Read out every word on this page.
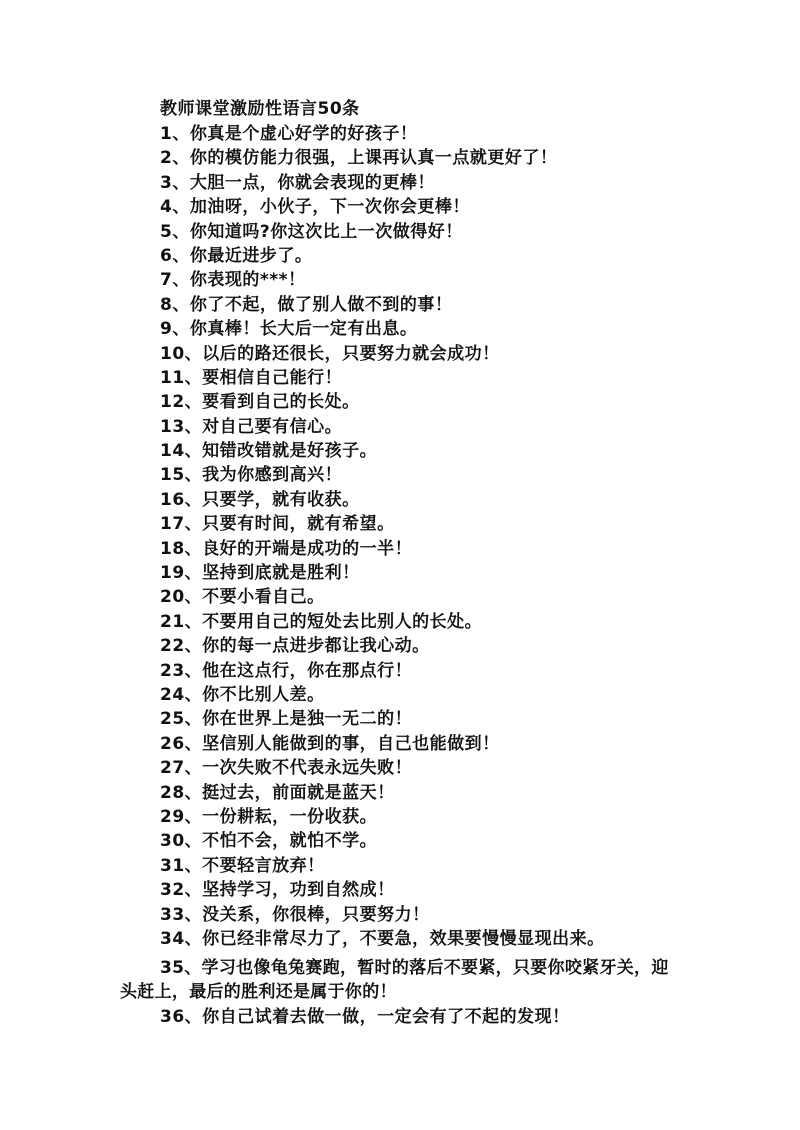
教师课堂激励性语言50条
1、你真是个虚心好学的好孩子！
2、你的模仿能力很强，上课再认真一点就更好了！
3、大胆一点，你就会表现的更棒！
4、加油呀，小伙子，下一次你会更棒！
5、你知道吗?你这次比上一次做得好！
6、你最近进步了。
7、你表现的***！
8、你了不起，做了别人做不到的事！
9、你真棒！长大后一定有出息。
10、以后的路还很长，只要努力就会成功！
11、要相信自己能行！
12、要看到自己的长处。
13、对自己要有信心。
14、知错改错就是好孩子。
15、我为你感到高兴！
16、只要学，就有收获。
17、只要有时间，就有希望。
18、良好的开端是成功的一半！
19、坚持到底就是胜利！
20、不要小看自己。
21、不要用自己的短处去比别人的长处。
22、你的每一点进步都让我心动。
23、他在这点行，你在那点行！
24、你不比别人差。
25、你在世界上是独一无二的！
26、坚信别人能做到的事，自己也能做到！
27、一次失败不代表永远失败！
28、挺过去，前面就是蓝天！
29、一份耕耘，一份收获。
30、不怕不会，就怕不学。
31、不要轻言放弃！
32、坚持学习，功到自然成！
33、没关系，你很棒，只要努力！
34、你已经非常尽力了，不要急，效果要慢慢显现出来。
35、学习也像龟兔赛跑，暂时的落后不要紧，只要你咬紧牙关，迎
头赶上，最后的胜利还是属于你的！
36、你自己试着去做一做，一定会有了不起的发现！
